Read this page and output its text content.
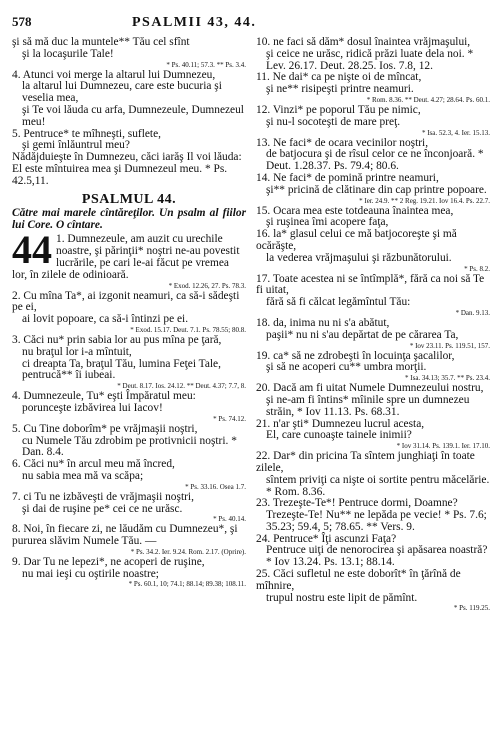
578	PSALMII 43, 44.

şi să mă duc la muntele** Tău cel sfînt

şi la locaşurile Tale!

* Ps. 40.11; 57.3. ** Ps. 3.4.

4. Atunci voi merge la altarul lui Dumnezeu,

la altarul lui Dumnezeu, care este bucuria şi veselia mea,

şi Te voi lăuda cu arfa, Dumnezeule, Dumnezeul meu!

5. Pentruce* te mîhneşti, suflete,

şi gemi înlăuntrul meu?

Nădăjduieşte în Dumnezeu, căci iarăş Il voi lăuda:

El este mîntuirea mea şi Dumnezeul meu. * Ps. 42.5,11.

PSALMUL 44.
Către mai marele cîntăreţilor. Un psalm al fiilor lui Core. O cîntare.
44 1. Dumnezeule, am auzit cu urechile noastre, şi părinţii* noştri ne-au povestit lucrările, pe cari le-ai făcut pe vremea lor, în zilele de odinioară.
* Exod. 12.26, 27. Ps. 78.3.

2. Cu mîna Ta*, ai izgonit neamuri, ca să-i sădeşti pe ei,

ai lovit popoare, ca să-i întinzi pe ei.

* Exod. 15.17. Deut. 7.1. Ps. 78.55; 80.8.

3. Căci nu* prin sabia lor au pus mîna pe ţară,

nu braţul lor i-a mîntuit,

ci dreapta Ta, braţul Tău, lumina Feţei Tale,

pentrucă** îi iubeai.

* Deut. 8.17. Ios. 24.12. ** Deut. 4.37; 7.7, 8.

4. Dumnezeule, Tu* eşti Împăratul meu:

porunceşte izbăvirea lui Iacov!

* Ps. 74.12.

5. Cu Tine doborîm* pe vrăjmaşii noştri,

cu Numele Tău zdrobim pe protivnicii noştri. * Dan. 8.4.

6. Căci nu* în arcul meu mă încred,

nu sabia mea mă va scăpa;

* Ps. 33.16. Osea 1.7.

7. ci Tu ne izbăveşti de vrăjmaşii noştri,

şi dai de ruşine pe* cei ce ne urăsc.

* Ps. 40.14.

8. Noi, în fiecare zi, ne lăudăm cu Dumnezeu*, şi pururea slăvim Numele Tău. —

* Ps. 34.2. Ier. 9.24. Rom. 2.17. (Oprire).

9. Dar Tu ne lepezi*, ne acoperi de ruşine,

nu mai ieşi cu oştirile noastre;

* Ps. 60.1, 10; 74.1; 88.14; 89.38; 108.11.

10. ne faci să dăm* dosul înaintea vrăjmaşului,

şi ceice ne urăsc, ridică prăzi luate dela noi. * Lev. 26.17. Deut. 28.25. Ios. 7.8, 12.

11. Ne dai* ca pe nişte oi de mîncat,

şi ne** risipeşti printre neamuri.

* Rom. 8.36. ** Deut. 4.27; 28.64. Ps. 60.1.

12. Vinzi* pe poporul Tău pe nimic,

şi nu-l socoteşti de mare preţ.

* Isa. 52.3, 4. Ier. 15.13.

13. Ne faci* de ocara vecinilor noştri,

de batjocura şi de rîsul celor ce ne înconjoară. * Deut. 1.28.37. Ps. 79.4; 80.6.

14. Ne faci* de pomină printre neamuri,

şi** pricină de clătinare din cap printre popoare.

* Ier. 24.9. ** 2 Reg. 19.21. Iov 16.4. Ps. 22.7.

15. Ocara mea este totdeauna înaintea mea,

şi ruşinea îmi acopere faţa,

16. la* glasul celui ce mă batjocoreşte şi mă ocărăşte,

la vederea vrăjmaşului şi răzbunătorului.

* Ps. 8.2.

17. Toate acestea ni se întîmplă*, fără ca noi să Te fi uitat,

fără să fi călcat legămîntul Tău:

* Dan. 9.13.

18. da, inima nu ni s'a abătut,

paşii* nu ni s'au depărtat de pe cărarea Ta,

* Iov 23.11. Ps. 119.51, 157.

19. ca* să ne zdrobeşti în locuinţa şacalilor,

şi să ne acoperi cu** umbra morţii.

* Isa. 34.13; 35.7. ** Ps. 23.4.

20. Dacă am fi uitat Numele Dumnezeului nostru,

şi ne-am fi întins* mîinile spre un dumnezeu străin, * Iov 11.13. Ps. 68.31.

21. n'ar şti* Dumnezeu lucrul acesta,

El, care cunoaşte tainele inimii?

* Iov 31.14. Ps. 139.1. Ier. 17.10.

22. Dar* din pricina Ta sîntem junghiaţi în toate zilele,

sîntem priviţi ca nişte oi sortite pentru măcelărie. * Rom. 8.36.

23. Trezeşte-Te*! Pentruce dormi, Doamne?

Trezeşte-Te! Nu** ne lepăda pe vecie! * Ps. 7.6; 35.23; 59.4, 5; 78.65. ** Vers. 9.

24. Pentruce* Îţi ascunzi Faţa?

Pentruce uiţi de nenorocirea şi apăsarea noastră? * Iov 13.24. Ps. 13.1; 88.14.

25. Căci sufletul ne este doborît* în ţărînă de mîhnire,

trupul nostru este lipit de pămînt.

* Ps. 119.25.
